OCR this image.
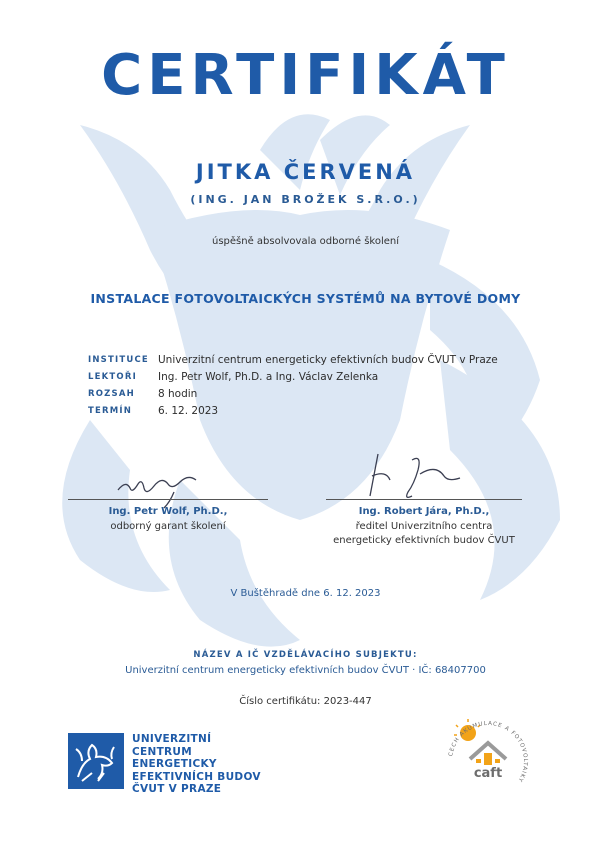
CERTIFIKÁT
JITKA ČERVENÁ
(ING. JAN BROŽEK S.R.O.)
úspěšně absolvovala odborné školení
INSTALACE FOTOVOLTAICKÝCH SYSTÉMŮ NA BYTOVÉ DOMY
INSTITUCE Univerzitní centrum energeticky efektivních budov ČVUT v Praze
LEKTOŘI	Ing. Petr Wolf, Ph.D. a Ing. Václav Zelenka
ROZSAH	8 hodin
TERMÍN	6. 12. 2023
Ing. Petr Wolf, Ph.D.,
odborný garant školení
Ing. Robert Jára, Ph.D.,
ředitel Univerzitního centra
energeticky efektivních budov ČVUT
V Buštěhradě dne 6. 12. 2023
NÁZEV A IČ VZDĚLÁVACÍHO SUBJEKTU:
Univerzitní centrum energeticky efektivních budov ČVUT · IČ: 68407700
Číslo certifikátu: 2023-447
UNIVERZITNÍ
CENTRUM
ENERGETICKY
EFEKTIVNÍCH BUDOV
ČVUT V PRAZE
caft
CECH AKUMULACE A FOTOVOLTAIKY
